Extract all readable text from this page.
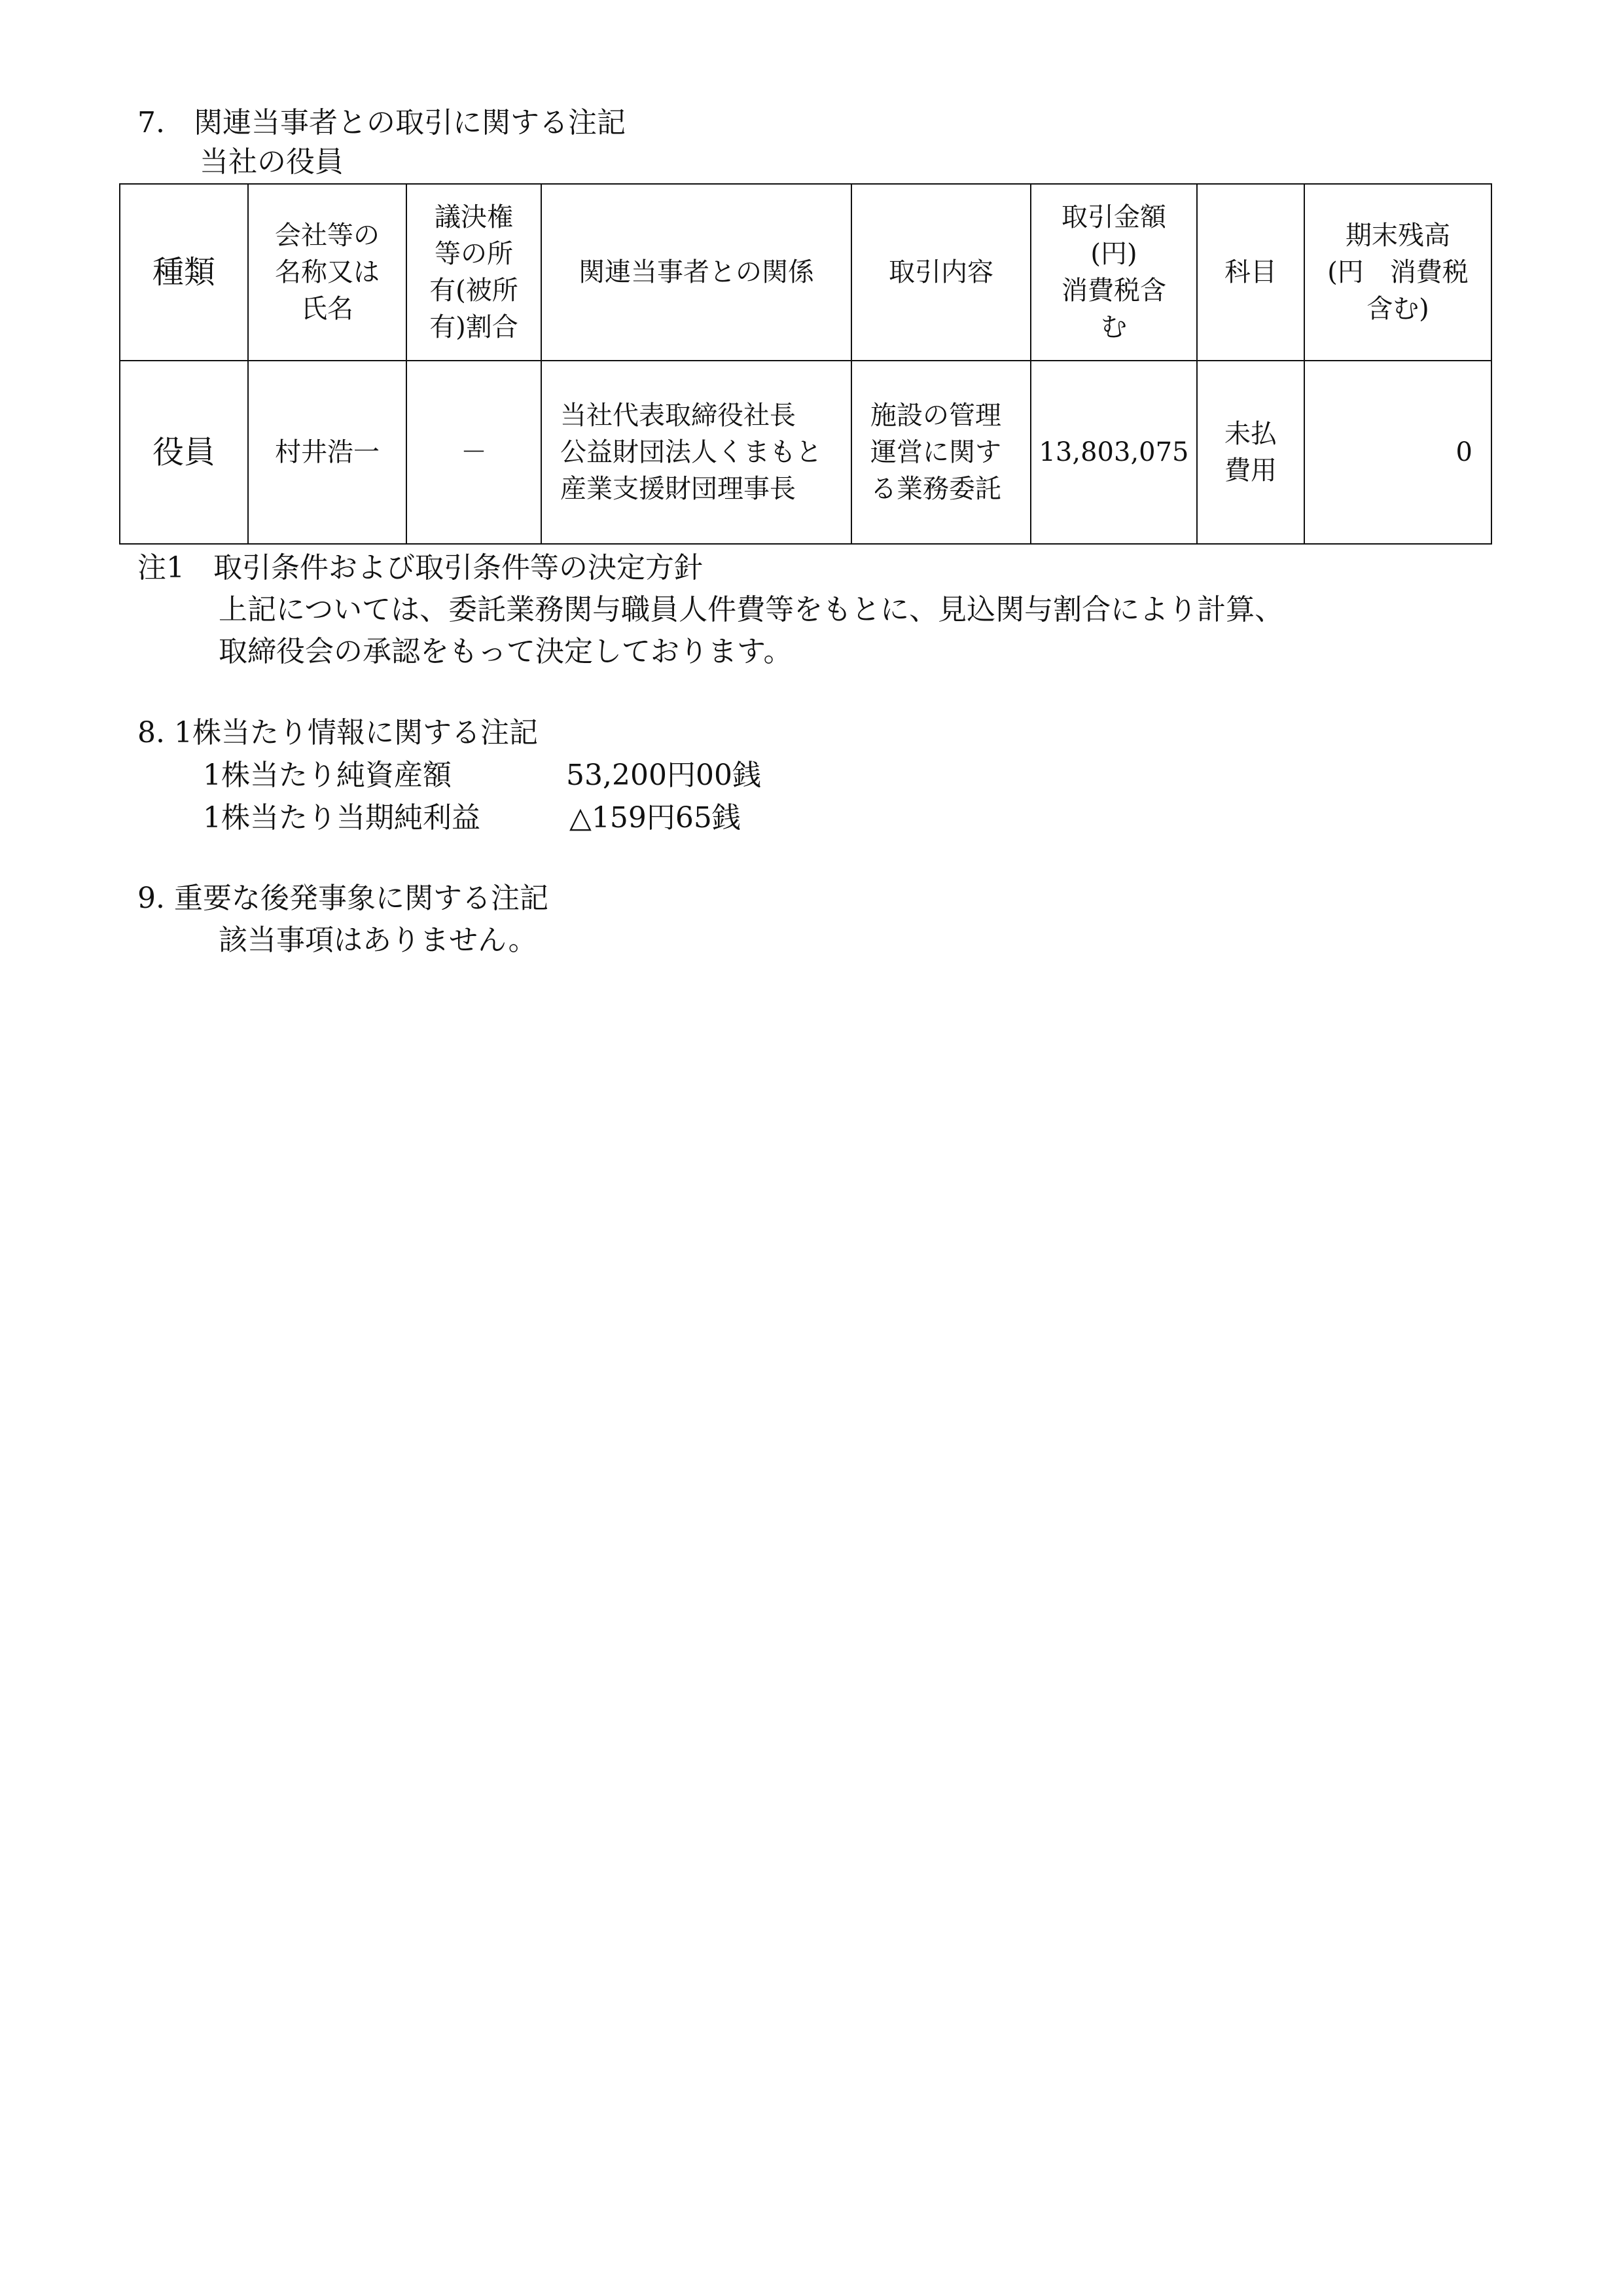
7.　関連当事者との取引に関する注記
当社の役員
種類	会社等の
名称又は
氏名	議決権
等の所
有(被所
有)割合	関連当事者との関係	取引内容	取引金額
(円)
消費税含
む	科目	期末残高
(円　消費税
含む)
役員	村井浩一	－	当社代表取締役社長
公益財団法人くまもと
産業支援財団理事長	施設の管理
運営に関す
る業務委託	13,803,075	未払
費用	0
注1　取引条件および取引条件等の決定方針
上記については、委託業務関与職員人件費等をもとに、見込関与割合により計算、
取締役会の承認をもって決定しております。
8. 1株当たり情報に関する注記
1株当たり純資産額	53,200円00銭
1株当たり当期純利益	△159円65銭
9. 重要な後発事象に関する注記
該当事項はありません。
